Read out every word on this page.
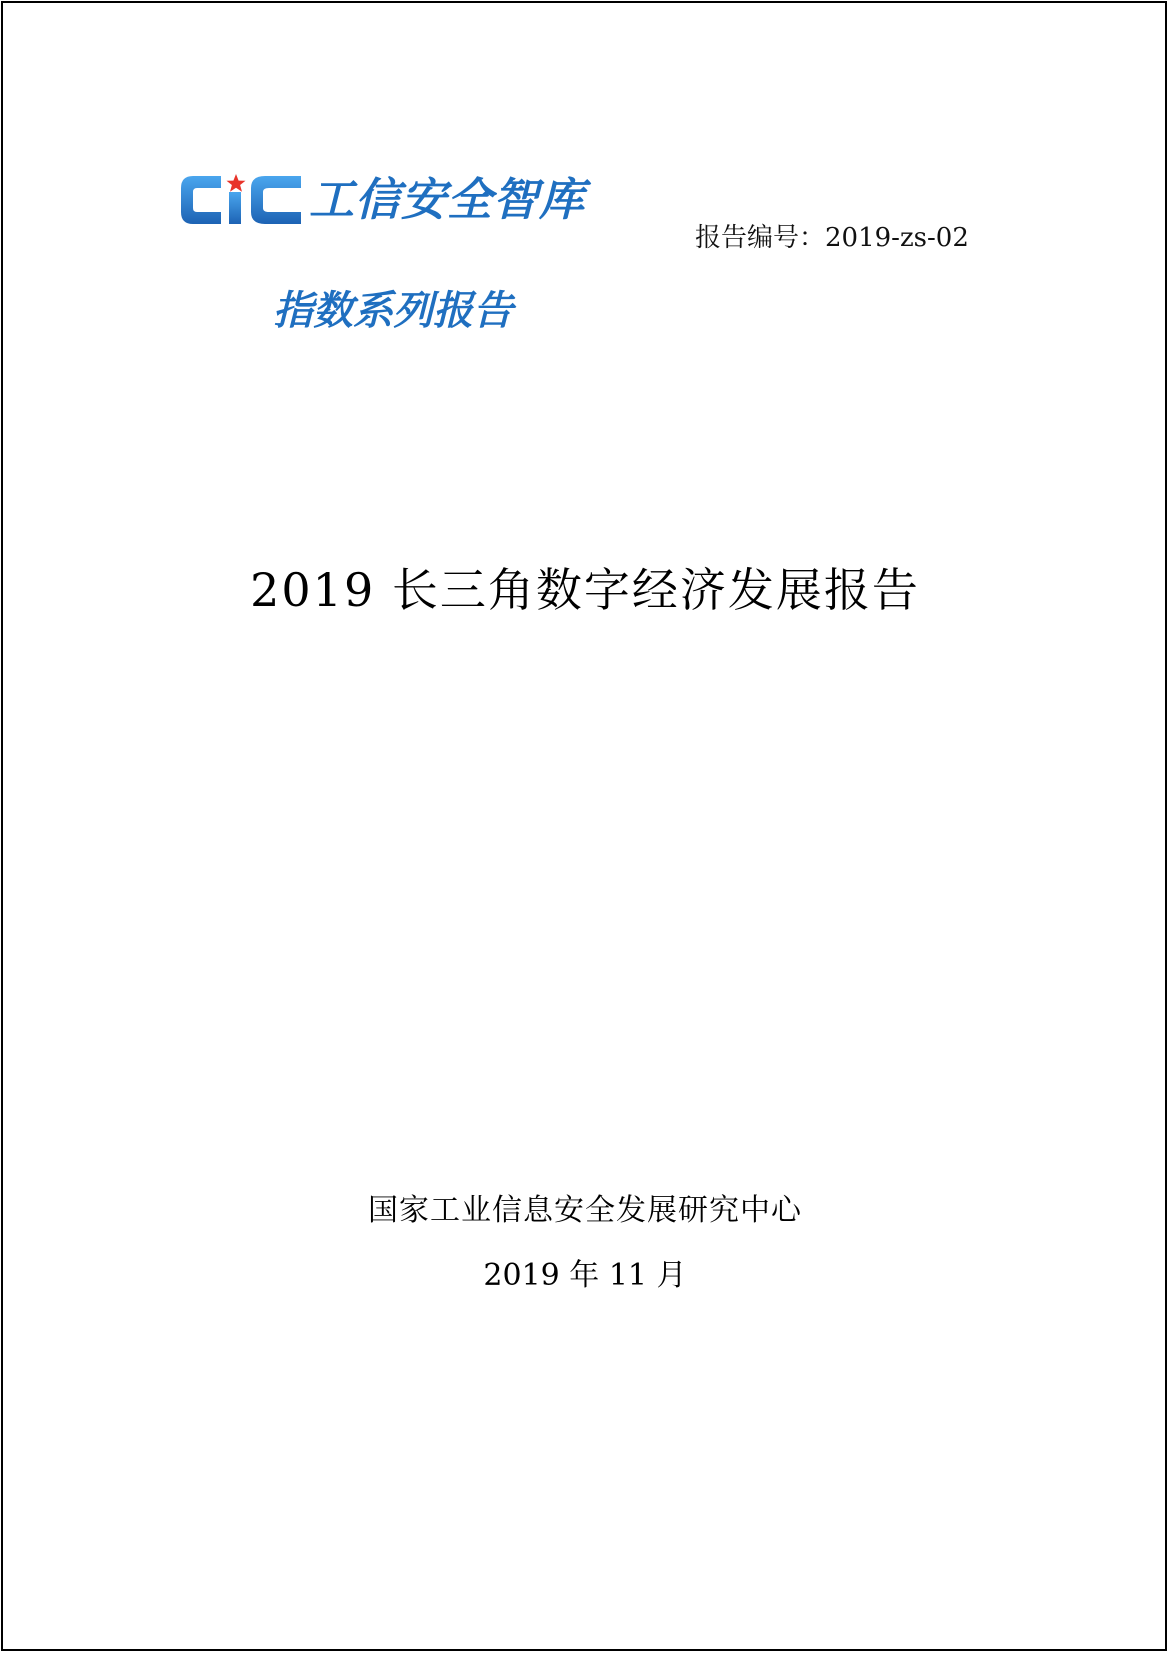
工信安全智库
指数系列报告
报告编号：2019-zs-02
2019 长三角数字经济发展报告
国家工业信息安全发展研究中心
2019 年 11 月
